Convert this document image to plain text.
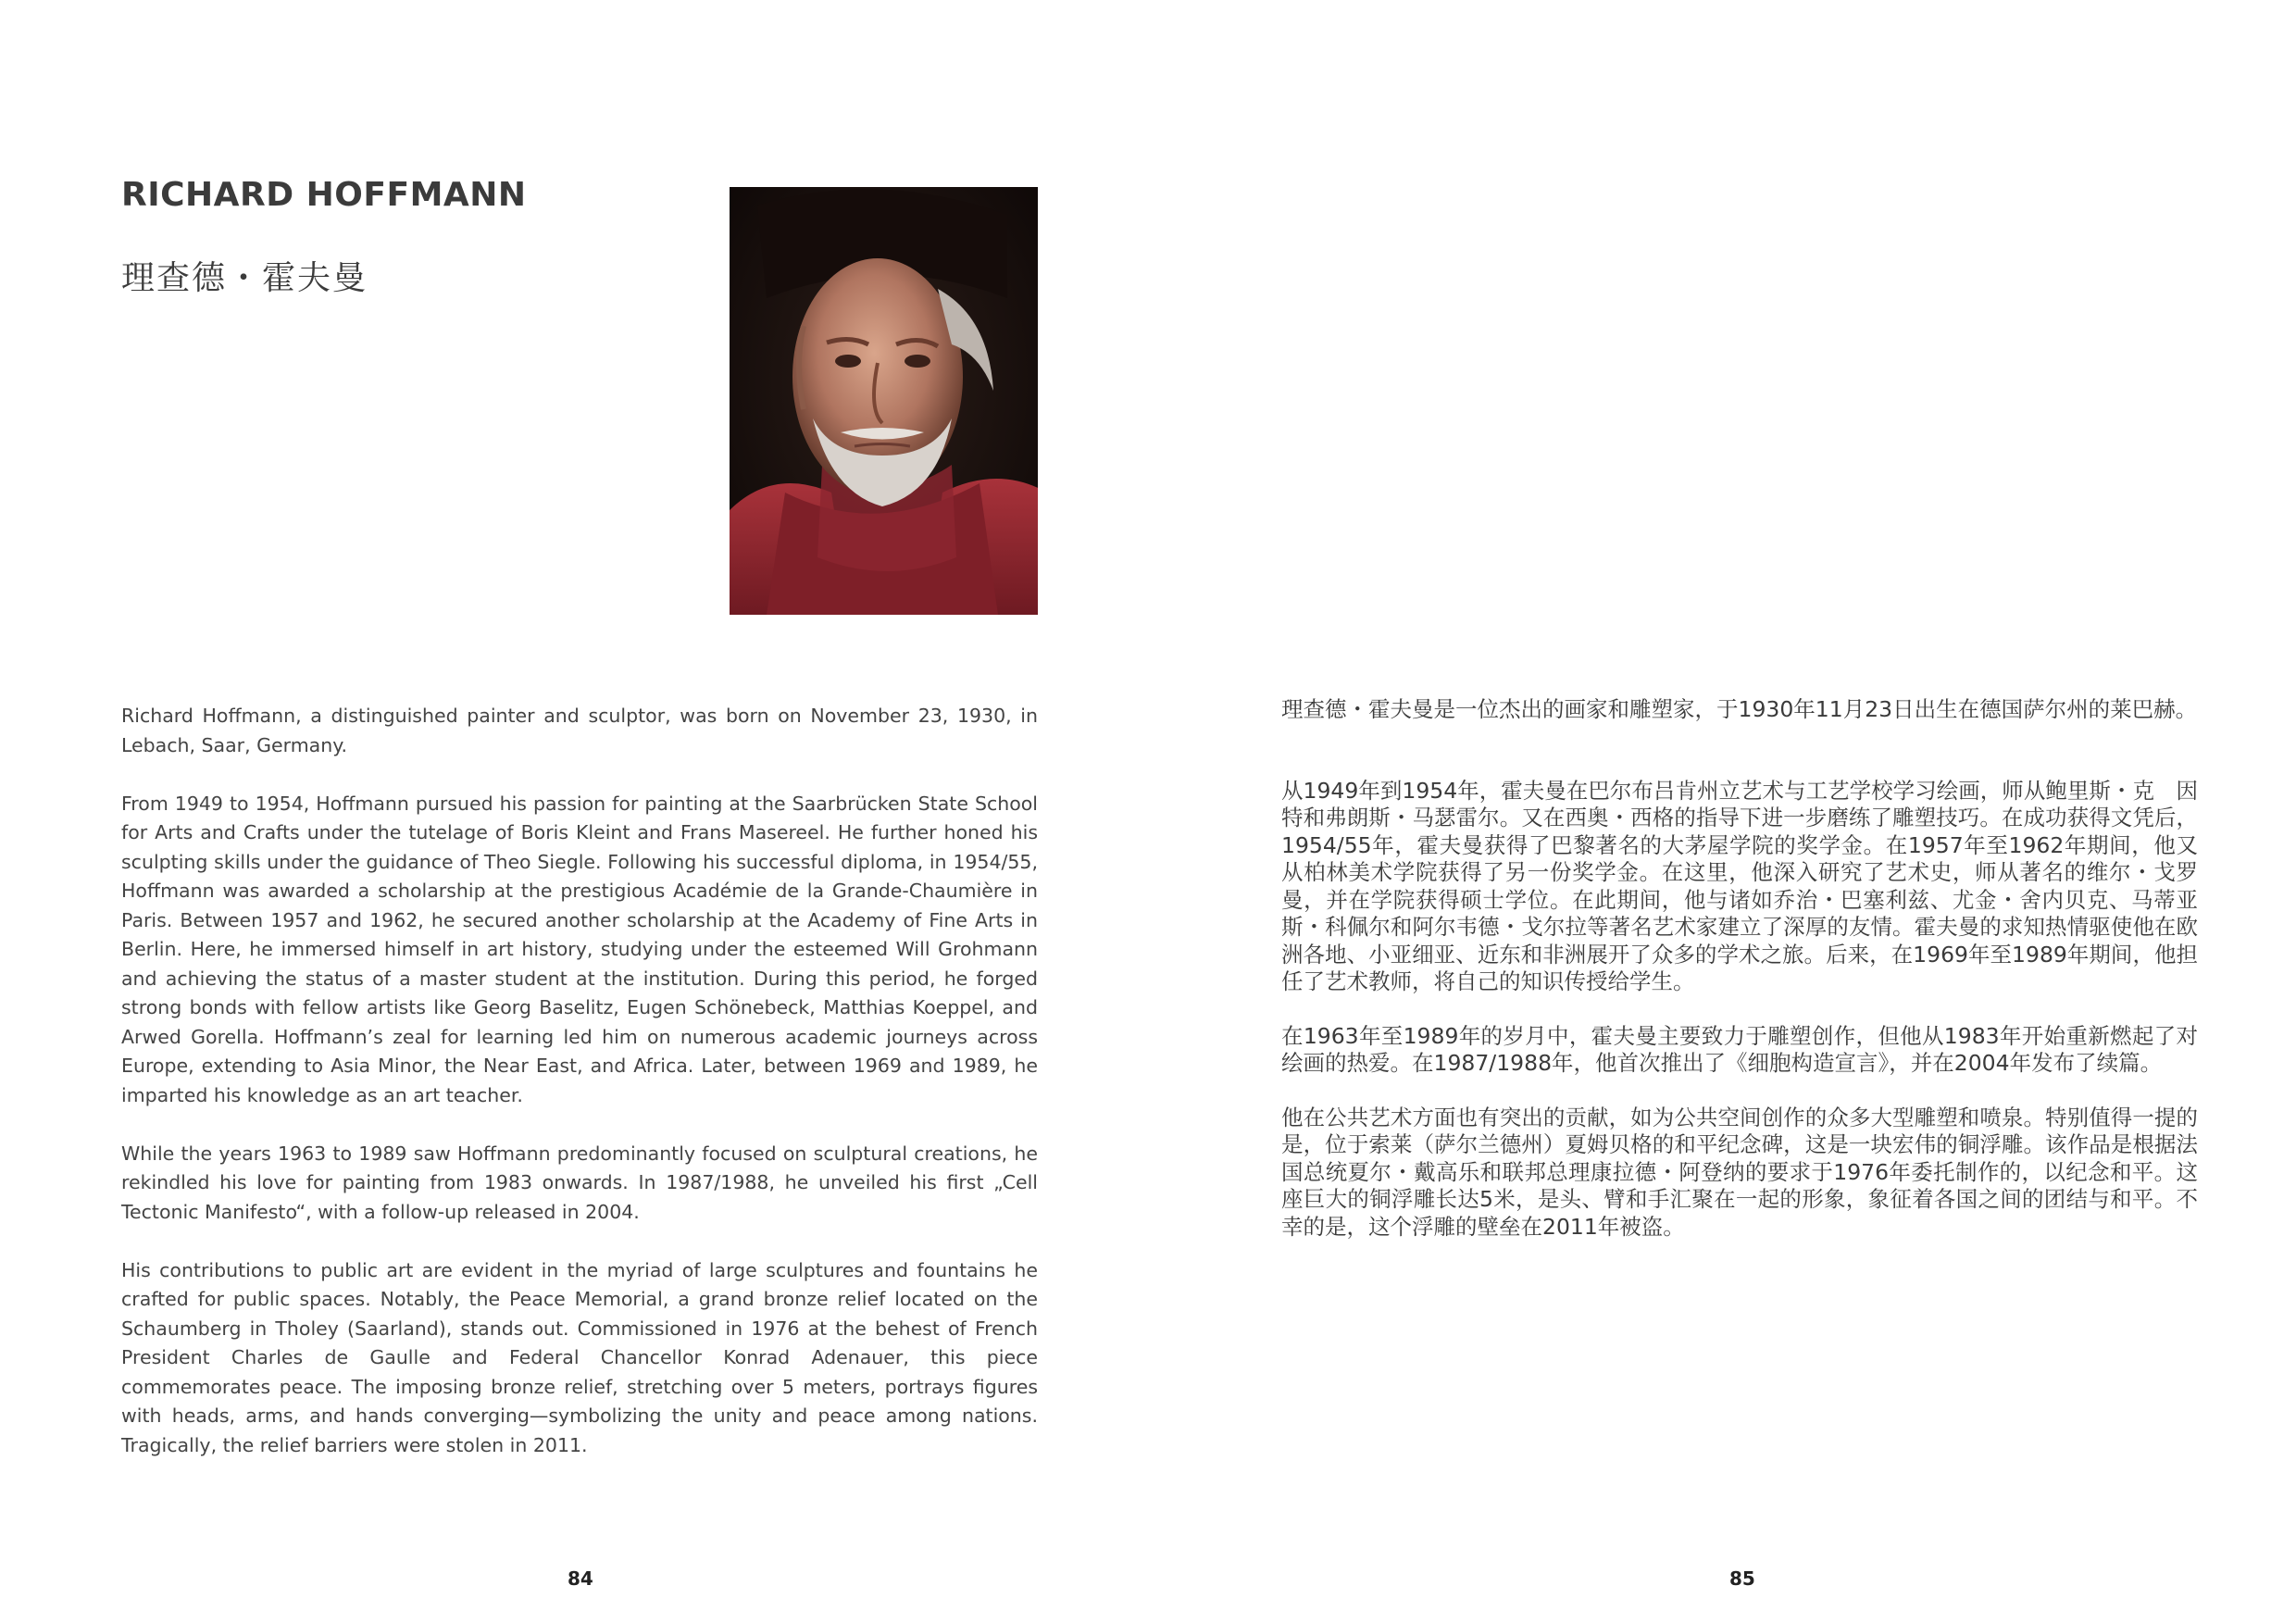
RICHARD HOFFMANN
理查德・霍夫曼

Richard Hoffmann, a distinguished painter and sculptor, was born on November 23, 1930, in Lebach, Saar, Germany.

From 1949 to 1954, Hoffmann pursued his passion for painting at the Saarbrücken State School for Arts and Crafts under the tutelage of Boris Kleint and Frans Masereel. He further honed his sculpting skills under the guidance of Theo Siegle. Following his successful diploma, in 1954/55, Hoffmann was awarded a scholarship at the prestigious Académie de la Grande-Chaumière in Paris. Between 1957 and 1962, he secured another scholarship at the Academy of Fine Arts in Berlin. Here, he immersed himself in art history, studying under the esteemed Will Grohmann and achieving the status of a master student at the institution. During this period, he forged strong bonds with fellow artists like Georg Baselitz, Eugen Schönebeck, Matthias Koeppel, and Arwed Gorella. Hoffmann’s zeal for learning led him on numerous academic journeys across Europe, extending to Asia Minor, the Near East, and Africa. Later, between 1969 and 1989, he imparted his knowledge as an art teacher.

While the years 1963 to 1989 saw Hoffmann predominantly focused on sculptural creations, he rekindled his love for painting from 1983 onwards. In 1987/1988, he unveiled his first „Cell Tectonic Manifesto“, with a follow-up released in 2004.

His contributions to public art are evident in the myriad of large sculptures and fountains he crafted for public spaces. Notably, the Peace Memorial, a grand bronze relief located on the Schaumberg in Tholey (Saarland), stands out. Commissioned in 1976 at the behest of French President Charles de Gaulle and Federal Chancellor Konrad Adenauer, this piece commemorates peace. The imposing bronze relief, stretching over 5 meters, portrays figures with heads, arms, and hands converging—symbolizing the unity and peace among nations. Tragically, the relief barriers were stolen in 2011.

84

理查德・霍夫曼是一位杰出的画家和雕塑家，于1930年11月23日出生在德国萨尔州的莱巴赫。

从1949年到1954年，霍夫曼在巴尔布吕肯州立艺术与工艺学校学习绘画，师从鲍里斯・克　因特和弗朗斯・马瑟雷尔。又在西奥・西格的指导下进一步磨练了雕塑技巧。在成功获得文凭后，1954/55年，霍夫曼获得了巴黎著名的大茅屋学院的奖学金。在1957年至1962年期间，他又从柏林美术学院获得了另一份奖学金。在这里，他深入研究了艺术史，师从著名的维尔・戈罗曼，并在学院获得硕士学位。在此期间，他与诸如乔治・巴塞利兹、尤金・舍内贝克、马蒂亚斯・科佩尔和阿尔韦德・戈尔拉等著名艺术家建立了深厚的友情。霍夫曼的求知热情驱使他在欧洲各地、小亚细亚、近东和非洲展开了众多的学术之旅。后来，在1969年至1989年期间，他担任了艺术教师，将自己的知识传授给学生。

在1963年至1989年的岁月中，霍夫曼主要致力于雕塑创作，但他从1983年开始重新燃起了对绘画的热爱。在1987/1988年，他首次推出了《细胞构造宣言》，并在2004年发布了续篇。

他在公共艺术方面也有突出的贡献，如为公共空间创作的众多大型雕塑和喷泉。特别值得一提的是，位于索莱（萨尔兰德州）夏姆贝格的和平纪念碑，这是一块宏伟的铜浮雕。该作品是根据法国总统夏尔・戴高乐和联邦总理康拉德・阿登纳的要求于1976年委托制作的，以纪念和平。这座巨大的铜浮雕长达5米，是头、臂和手汇聚在一起的形象，象征着各国之间的团结与和平。不幸的是，这个浮雕的壁垒在2011年被盗。

85
